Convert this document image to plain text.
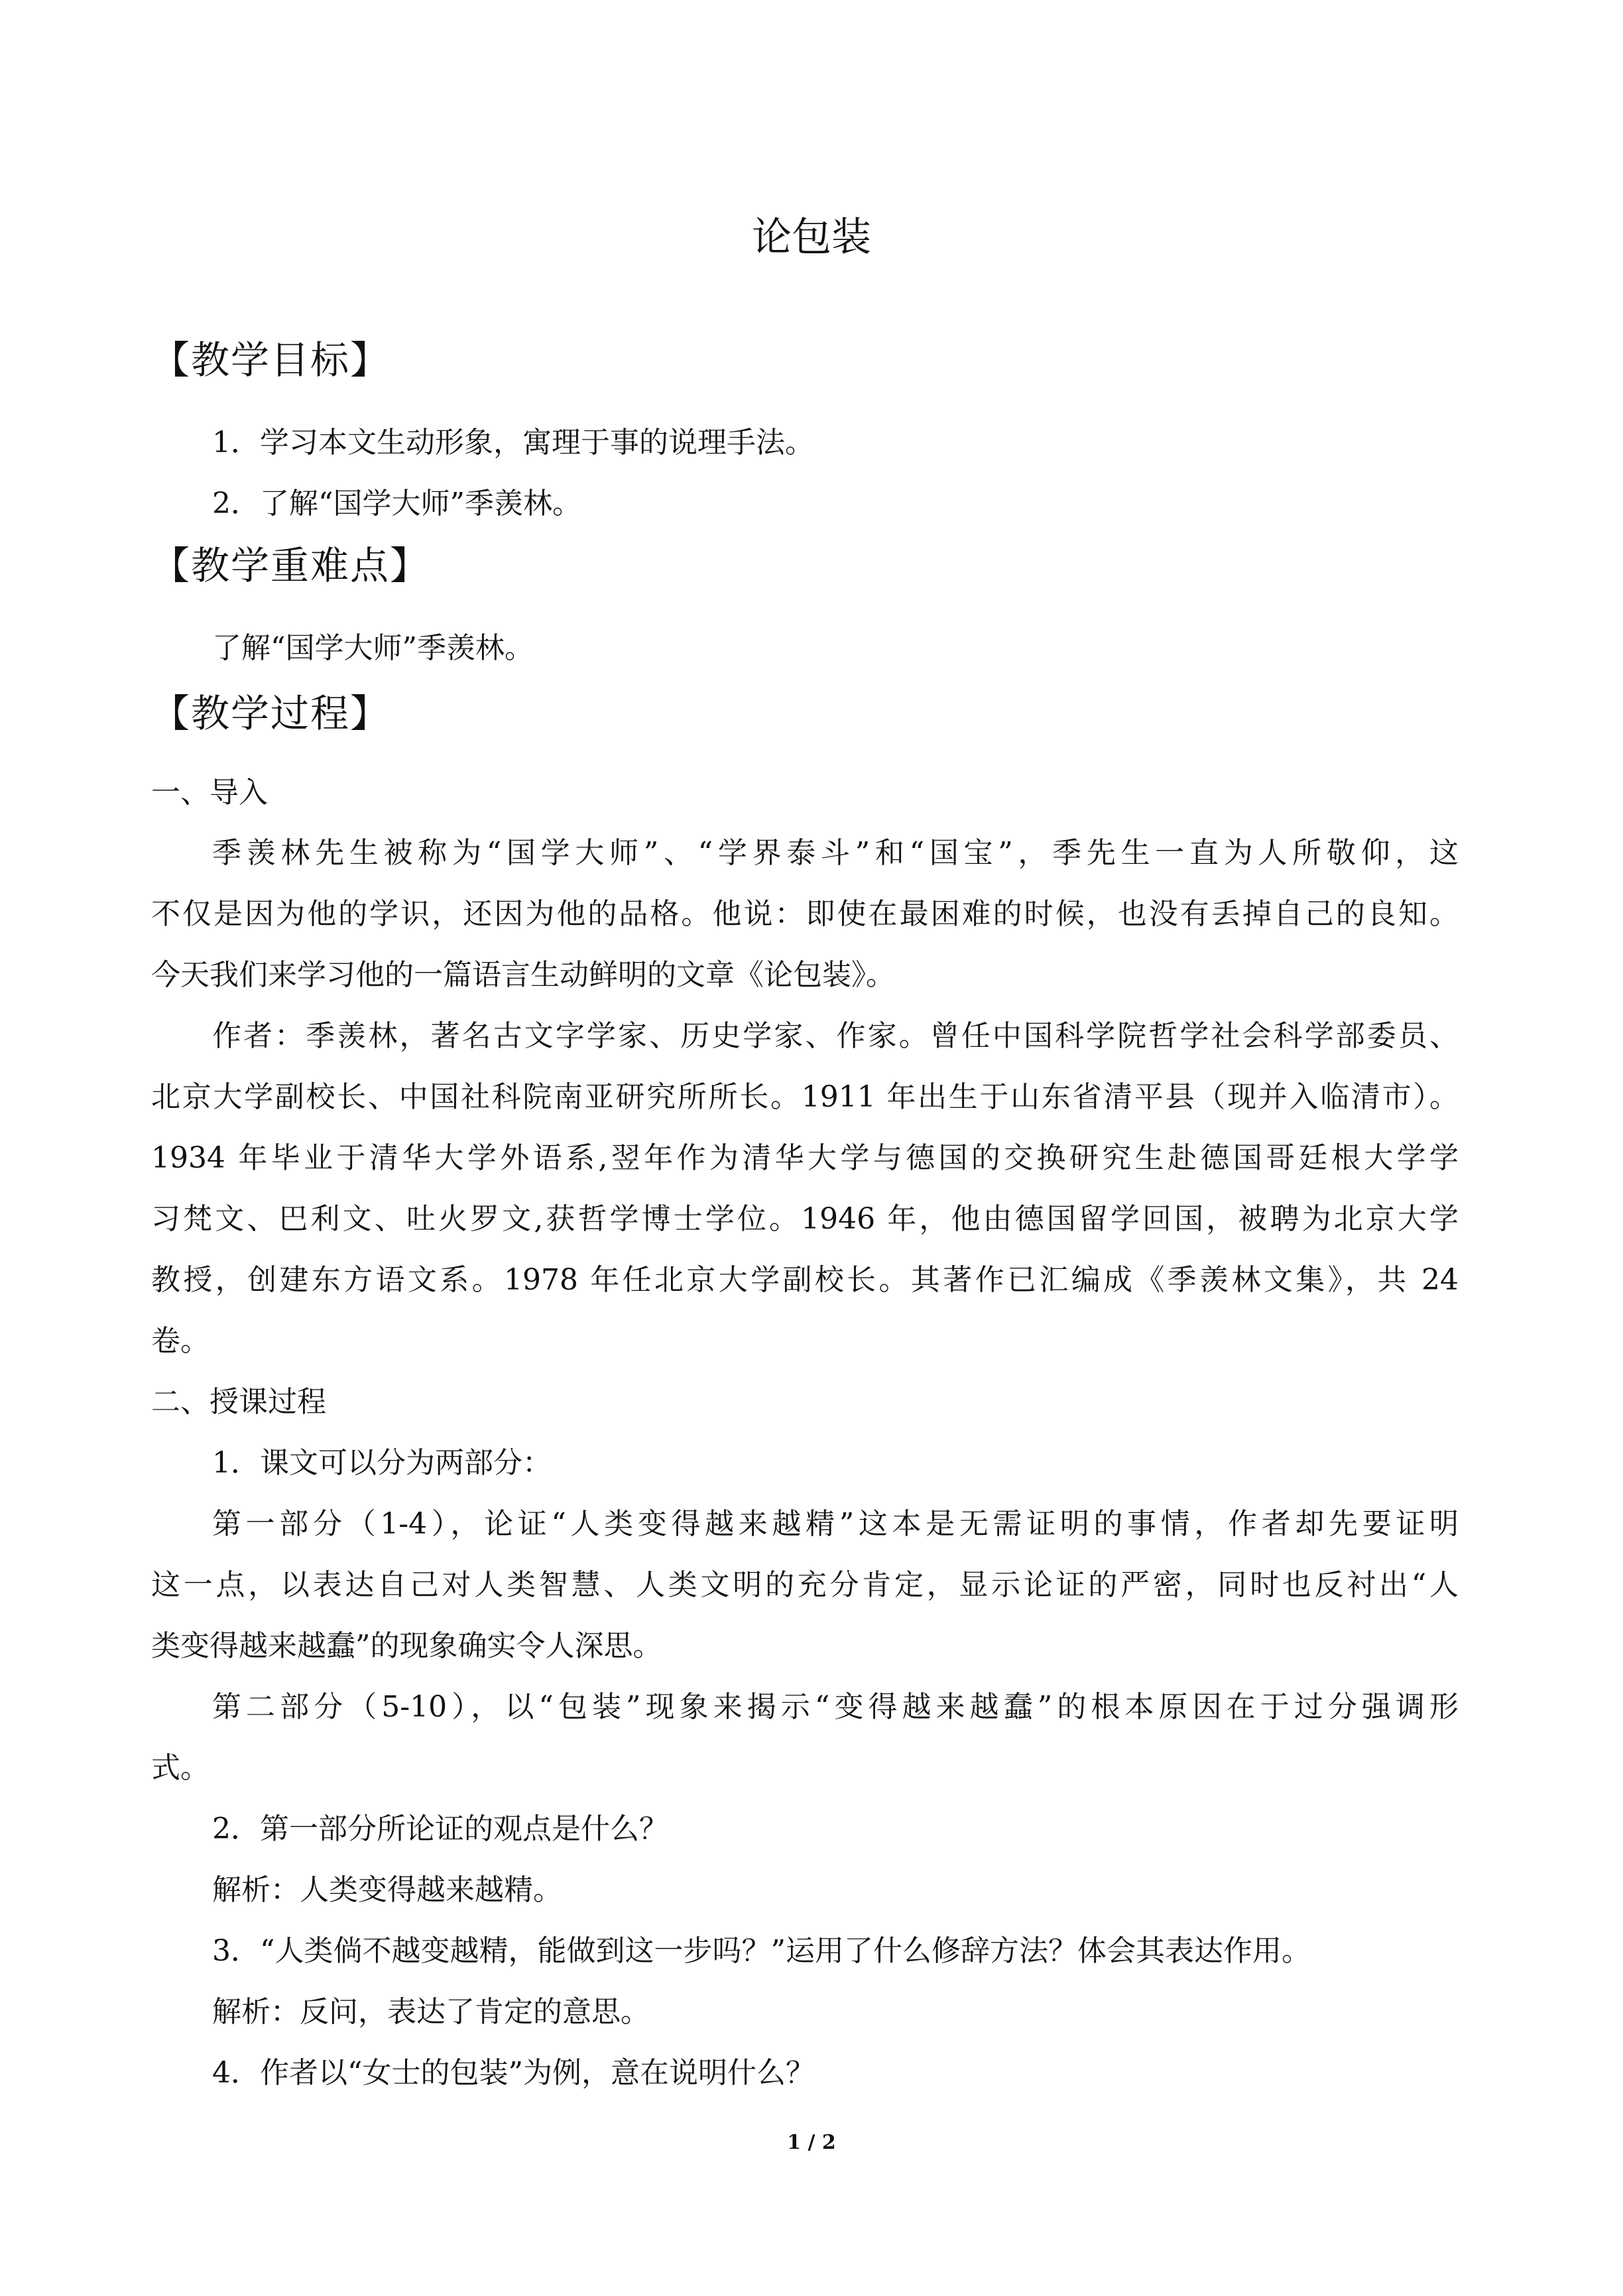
论包装
【教学目标】
1．学习本文生动形象，寓理于事的说理手法。
2．了解“国学大师”季羡林。
【教学重难点】
了解“国学大师”季羡林。
【教学过程】
一、导入
季羡林先生被称为“国学大师”、“学界泰斗”和“国宝”，季先生一直为人所敬仰，这
不仅是因为他的学识，还因为他的品格。他说：即使在最困难的时候，也没有丢掉自己的良知。
今天我们来学习他的一篇语言生动鲜明的文章《论包装》。
作者：季羡林，著名古文字学家、历史学家、作家。曾任中国科学院哲学社会科学部委员、
北京大学副校长、中国社科院南亚研究所所长。1911 年出生于山东省清平县（现并入临清市）。
1934 年毕业于清华大学外语系,翌年作为清华大学与德国的交换研究生赴德国哥廷根大学学
习梵文、巴利文、吐火罗文,获哲学博士学位。1946 年，他由德国留学回国，被聘为北京大学
教授，创建东方语文系。1978 年任北京大学副校长。其著作已汇编成《季羡林文集》，共 24
卷。
二、授课过程
1．课文可以分为两部分：
第一部分（1-4），论证“人类变得越来越精”这本是无需证明的事情，作者却先要证明
这一点，以表达自己对人类智慧、人类文明的充分肯定，显示论证的严密，同时也反衬出“人
类变得越来越蠢”的现象确实令人深思。
第二部分（5-10），以“包装”现象来揭示“变得越来越蠢”的根本原因在于过分强调形
式。
2．第一部分所论证的观点是什么？
解析：人类变得越来越精。
3．“人类倘不越变越精，能做到这一步吗？”运用了什么修辞方法？体会其表达作用。
解析：反问，表达了肯定的意思。
4．作者以“女士的包装”为例，意在说明什么？
1 / 2
